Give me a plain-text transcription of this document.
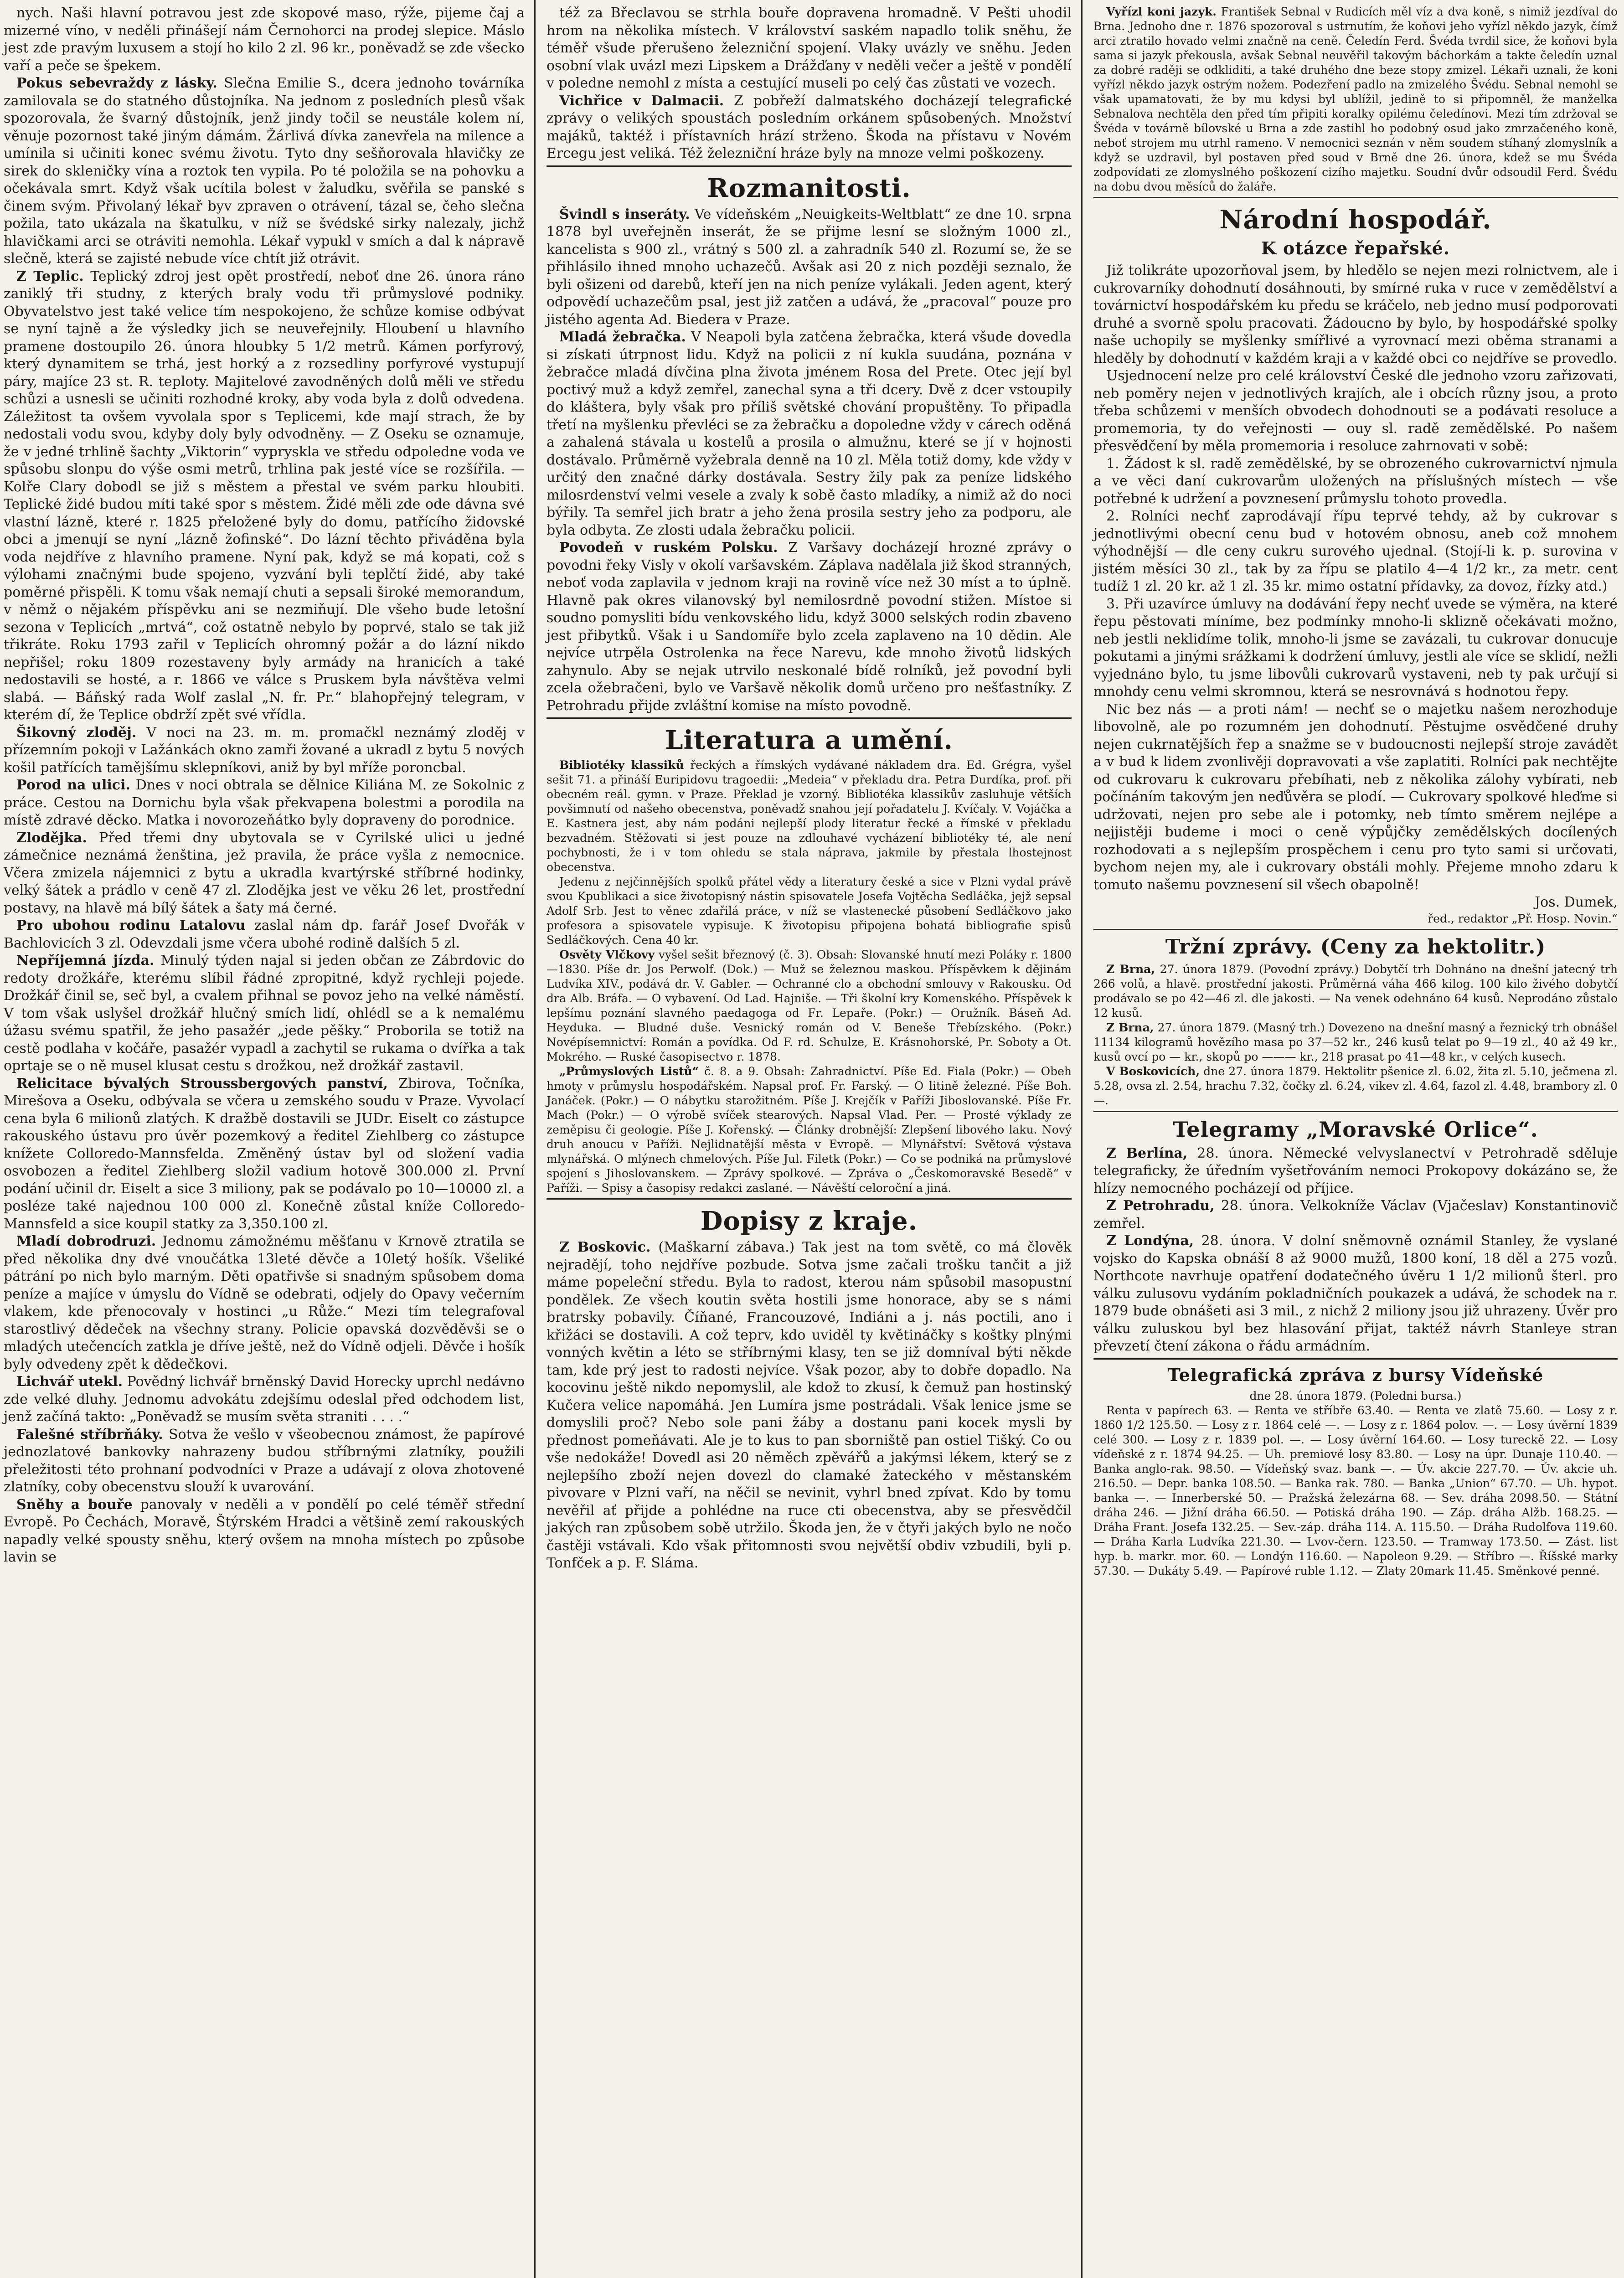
nych. Naši hlavní potravou jest zde skopové maso, rýže, pijeme čaj a mizerné víno, v neděli přinášejí nám Černohorci na prodej slepice. Máslo jest zde pravým luxusem a stojí ho kilo 2 zl. 96 kr., poněvadž se zde všecko vaří a peče se špekem.

Pokus sebevraždy z lásky. Slečna Emilie S., dcera jednoho továrníka zamilovala se do statného důstojníka. Na jednom z posledních plesů však spozorovala, že švarný důstojník, jenž jindy točil se neustále kolem ní, věnuje pozornost také jiným dámám. Žárlivá dívka zanevřela na milence a umínila si učiniti konec svému životu. Tyto dny sešňorovala hlavičky ze sirek do skleničky vína a roztok ten vypila. Po té položila se na pohovku a očekávala smrt. Když však ucítila bolest v žaludku, svěřila se panské s činem svým. Přivolaný lékař byv zpraven o otrávení, tázal se, čeho slečna požila, tato ukázala na škatulku, v níž se švédské sirky nalezaly, jichž hlavičkami arci se otráviti nemohla. Lékař vypukl v smích a dal k nápravě slečně, která se zajisté nebude více chtít již otrávit.

Z Teplic. Teplický zdroj jest opět prostředí, neboť dne 26. února ráno zaniklý tři studny, z kterých braly vodu tři průmyslové podniky. Obyvatelstvo jest také velice tím nespokojeno, že schůze komise odbývat se nyní tajně a že výsledky jich se neuveřejnily. Hloubení u hlavního pramene dostoupilo 26. února hloubky 5 1/2 metrů. Kámen porfyrový, který dynamitem se trhá, jest horký a z rozsedliny porfyrové vystupují páry, majíce 23 st. R. teploty. Majitelové zavodněných dolů měli ve středu schůzi a usnesli se učiniti rozhodné kroky, aby voda byla z dolů odvedena. Záležitost ta ovšem vyvolala spor s Teplicemi, kde mají strach, že by nedostali vodu svou, kdyby doly byly odvodněny. — Z Oseku se oznamuje, že v jedné trhlině šachty „Viktorin“ vypryskla ve středu odpoledne voda ve spůsobu slonpu do výše osmi metrů, trhlina pak jesté více se rozšířila. — Kolře Clary dobodl se již s městem a přestal ve svém parku hloubiti. Teplické židé budou míti také spor s městem. Židé měli zde ode dávna své vlastní lázně, které r. 1825 přeložené byly do domu, patřícího židovské obci a jmenují se nyní „lázně žofinské“. Do lázní těchto přiváděna byla voda nejdříve z hlavního pramene. Nyní pak, když se má kopati, což s výlohami značnými bude spojeno, vyzvání byli teplčtí židé, aby také poměrné přispěli. K tomu však nemají chuti a sepsali široké memorandum, v němž o nějakém příspěvku ani se nezmiňují. Dle všeho bude letošní sezona v Teplicích „mrtvá“, což ostatně nebylo by poprvé, stalo se tak již třikráte. Roku 1793 zařil v Teplicích ohromný požár a do lázní nikdo nepřišel; roku 1809 rozestaveny byly armády na hranicích a také nedostavili se hosté, a r. 1866 ve válce s Pruskem byla návštěva velmi slabá. — Báňský rada Wolf zaslal „N. fr. Pr.“ blahopřejný telegram, v kterém dí, že Teplice obdrží zpět své vřídla.

Šikovný zloděj. V noci na 23. m. m. promačkl neznámý zloděj v přízemním pokoji v Lažánkách okno zamři žované a ukradl z bytu 5 nových košil patřících tamějšímu sklepníkovi, aniž by byl mříže poroncbal.

Porod na ulici. Dnes v noci obtrala se dělnice Kiliána M. ze Sokolnic z práce. Cestou na Dornichu byla však překvapena bolestmi a porodila na místě zdravé děcko. Matka i novorozeňátko byly dopraveny do porodnice.

Zlodějka. Před třemi dny ubytovala se v Cyrilské ulici u jedné zámečnice neznámá ženština, jež pravila, že práce vyšla z nemocnice. Včera zmizela nájemnici z bytu a ukradla kvartýrské stříbrné hodinky, velký šátek a prádlo v ceně 47 zl. Zlodějka jest ve věku 26 let, prostřední postavy, na hlavě má bílý šátek a šaty má černé.

Pro ubohou rodinu Latalovu zaslal nám dp. farář Josef Dvořák v Bachlovicích 3 zl. Odevzdali jsme včera ubohé rodině dalších 5 zl.

Nepříjemná jízda. Minulý týden najal si jeden občan ze Zábrdovic do redoty drožkáře, kterému slíbil řádné zpropitné, když rychleji pojede. Drožkář činil se, seč byl, a cvalem přihnal se povoz jeho na velké náměstí. V tom však uslyšel drožkář hlučný smích lidí, ohlédl se a k nemalému úžasu svému spatřil, že jeho pasažér „jede pěšky.“ Proborila se totiž na cestě podlaha v kočáře, pasažér vypadl a zachytil se rukama o dvířka a tak oprtaje se o ně musel klusat cestu s drožkou, než drožkář zastavil.

Relicitace bývalých Stroussbergových panství, Zbirova, Točníka, Mirešova a Oseku, odbývala se včera u zemského soudu v Praze. Vyvolací cena byla 6 milionů zlatých. K dražbě dostavili se JUDr. Eiselt co zástupce rakouského ústavu pro úvěr pozemkový a ředitel Ziehlberg co zástupce knížete Colloredo-Mannsfelda. Změněný ústav byl od složení vadia osvobozen a ředitel Ziehlberg složil vadium hotově 300.000 zl. První podání učinil dr. Eiselt a sice 3 miliony, pak se podávalo po 10—10000 zl. a posléze také najednou 100 000 zl. Konečně zůstal kníže Colloredo-Mannsfeld a sice koupil statky za 3,350.100 zl.

Mladí dobrodruzi. Jednomu zámožnému měšťanu v Krnově ztratila se před několika dny dvé vnoučátka 13leté děvče a 10letý hošík. Všeliké pátrání po nich bylo marným. Děti opatřivše si snadným spůsobem doma peníze a majíce v úmyslu do Vídně se odebrati, odjely do Opavy večerním vlakem, kde přenocovaly v hostinci „u Růže.“ Mezi tím telegrafoval starostlivý dědeček na všechny strany. Policie opavská dozvěděvši se o mladých utečencích zatkla je dříve ještě, než do Vídně odjeli. Děvče i hošík byly odvedeny zpět k dědečkovi.

Lichvář utekl. Povědný lichvář brněnský David Horecky uprchl nedávno zde velké dluhy. Jednomu advokátu zdejšímu odeslal před odchodem list, jenž začíná takto: „Poněvadž se musím světa straniti . . . .“

Falešné stříbrňáky. Sotva že vešlo v všeobecnou známost, že papírové jednozlatové bankovky nahrazeny budou stříbrnými zlatníky, použili přeležitosti této prohnaní podvodníci v Praze a udávají z olova zhotovené zlatníky, coby obecenstvu slouží k uvarování.

Sněhy a bouře panovaly v neděli a v pondělí po celé téměř střední Evropě. Po Čechách, Moravě, Štýrském Hradci a většině zemí rakouských napadly velké spousty sněhu, který ovšem na mnoha místech po způsobe lavin se

též za Břeclavou se strhla bouře dopravena hromadně. V Pešti uhodil hrom na několika místech. V království saském napadlo tolik sněhu, že téměř všude přerušeno železniční spojení. Vlaky uvázly ve sněhu. Jeden osobní vlak uvázl mezi Lipskem a Drážďany v neděli večer a ještě v pondělí v poledne nemohl z místa a cestující museli po celý čas zůstati ve vozech.

Vichřice v Dalmacii. Z pobřeží dalmatského docházejí telegrafické zprávy o velikých spoustách posledním orkánem spůsobených. Množství majáků, taktéž i přístavních hrází strženo. Škoda na přístavu v Novém Ercegu jest veliká. Též železniční hráze byly na mnoze velmi poškozeny.

Rozmanitosti.

Švindl s inseráty. Ve vídeňském „Neuigkeits-Weltblatt“ ze dne 10. srpna 1878 byl uveřejněn inserát, že se přijme lesní se složným 1000 zl., kancelista s 900 zl., vrátný s 500 zl. a zahradník 540 zl. Rozumí se, že se přihlásilo ihned mnoho uchazečů. Avšak asi 20 z nich později seznalo, že byli ošizeni od darebů, kteří jen na nich peníze vylákali. Jeden agent, který odpovědí uchazečům psal, jest již zatčen a udává, že „pracoval“ pouze pro jistého agenta Ad. Biedera v Praze.

Mladá žebračka. V Neapoli byla zatčena žebračka, která všude dovedla si získati útrpnost lidu. Když na policii z ní kukla suudána, poznána v žebračce mladá dívčina plna života jménem Rosa del Prete. Otec její byl poctivý muž a když zemřel, zanechal syna a tři dcery. Dvě z dcer vstoupily do kláštera, byly však pro příliš světské chování propuštěny. To připadla třetí na myšlenku převléci se za žebračku a dopoledne vždy v cárech oděná a zahalená stávala u kostelů a prosila o almužnu, které se jí v hojnosti dostávalo. Průměrně vyžebrala denně na 10 zl. Měla totiž domy, kde vždy v určitý den značné dárky dostávala. Sestry žily pak za peníze lidského milosrdenství velmi vesele a zvaly k sobě často mladíky, a nimiž až do noci býřily. Ta semřel jich bratr a jeho žena prosila sestry jeho za podporu, ale byla odbyta. Ze zlosti udala žebračku policii.

Povodeň v ruském Polsku. Z Varšavy docházejí hrozné zprávy o povodni řeky Visly v okolí varšavském. Záplava nadělala již škod stranných, neboť voda zaplavila v jednom kraji na rovině více než 30 míst a to úplně. Hlavně pak okres vilanovský byl nemilosrdně povodní stižen. Místoe si soudno pomysliti bídu venkovského lidu, když 3000 selských rodin zbaveno jest přibytků. Však i u Sandomíře bylo zcela zaplaveno na 10 dědin. Ale nejvíce utrpěla Ostrolenka na řece Narevu, kde mnoho životů lidských zahynulo. Aby se nejak utrvilo neskonalé bídě rolníků, jež povodní byli zcela ožebračeni, bylo ve Varšavě několik domů určeno pro nešťastníky. Z Petrohradu přijde zvláštní komise na místo povodně.

Literatura a umění.

Bibliotéky klassiků řeckých a římských vydávané nákladem dra. Ed. Grégra, vyšel sešit 71. a přináší Euripidovu tragoedii: „Medeia“ v překladu dra. Petra Durdíka, prof. při obecném reál. gymn. v Praze. Překlad je vzorný. Bibliotéka klassikův zasluhuje větších povšimnutí od našeho obecenstva, poněvadž snahou její pořadatelu J. Kvíčaly. V. Vojáčka a E. Kastnera jest, aby nám podáni nejlepší plody literatur řecké a římské v překladu bezvadném. Stěžovati si jest pouze na zdlouhavé vycházení bibliotéky té, ale není pochybnosti, že i v tom ohledu se stala náprava, jakmile by přestala lhostejnost obecenstva.

Jedenu z nejčinnějších spolků přátel vědy a literatury české a sice v Plzni vydal právě svou Kpublikaci a sice životopisný nástin spisovatele Josefa Vojtěcha Sedláčka, jejž sepsal Adolf Srb. Jest to věnec zdařilá práce, v níž se vlastenecké působení Sedláčkovo jako profesora a spisovatele vypisuje. K životopisu připojena bohatá bibliografie spisů Sedláčkových. Cena 40 kr.

Osvěty Vlčkovy vyšel sešit březnový (č. 3). Obsah: Slovanské hnutí mezi Poláky r. 1800—1830. Píše dr. Jos Perwolf. (Dok.) — Muž se železnou maskou. Příspěvkem k dějinám Ludvíka XIV., podává dr. V. Gabler. — Ochranné clo a obchodní smlouvy v Rakousku. Od dra Alb. Bráfa. — O vybavení. Od Lad. Hajniše. — Tři školní kry Komenského. Příspěvek k lepšímu poznání slavného paedagoga od Fr. Lepaře. (Pokr.) — Oružník. Báseň Ad. Heyduka. — Bludné duše. Vesnický román od V. Beneše Třebízského. (Pokr.) Novépísemnictví: Román a povídka. Od F. rd. Schulze, E. Krásnohorské, Pr. Soboty a Ot. Mokrého. — Ruské časopisectvo r. 1878.

„Průmyslových Listů“ č. 8. a 9. Obsah: Zahradnictví. Píše Ed. Fiala (Pokr.) — Obeh hmoty v průmyslu hospodářském. Napsal prof. Fr. Farský. — O litině železné. Píše Boh. Janáček. (Pokr.) — O nábytku starožitném. Píše J. Krejčík v Paříži Jiboslovanské. Píše Fr. Mach (Pokr.) — O výrobě svíček stearových. Napsal Vlad. Per. — Prosté výklady ze zeměpisu či geologie. Píše J. Kořenský. — Články drobnější: Zlepšení libového laku. Nový druh anoucu v Paříži. Nejlidnatější města v Evropě. — Mlynářství: Světová výstava mlynářská. O mlýnech chmelových. Píše Jul. Filetk (Pokr.) — Co se podniká na průmyslové spojení s Jihoslovanskem. — Zprávy spolkové. — Zpráva o „Českomoravské Besedě“ v Paříži. — Spisy a časopisy redakci zaslané. — Návěští celoroční a jiná.

Dopisy z kraje.

Z Boskovic. (Maškarní zábava.) Tak jest na tom světě, co má člověk nejradějí, toho nejdříve pozbude. Sotva jsme začali trošku tančit a již máme popeleční středu. Byla to radost, kterou nám spůsobil masopustní pondělek. Ze všech koutin světa hostili jsme honorace, aby se s námi bratrsky pobavily. Číňané, Francouzové, Indiáni a j. nás poctili, ano i křižáci se dostavili. A což teprv, kdo uviděl ty květináčky s koštky plnými vonných květin a léto se stříbrnými klasy, ten se již domníval býti někde tam, kde prý jest to radosti nejvíce. Však pozor, aby to dobře dopadlo. Na kocovinu ještě nikdo nepomyslil, ale kdož to zkusí, k čemuž pan hostinský Kučera velice napomáhá. Jen Lumíra jsme postrádali. Však lenice jsme se domyslili proč? Nebo sole pani žáby a dostanu pani kocek mysli by přednost pomeňávati. Ale je to kus to pan sborniště pan ostiel Tišký. Co ou vše nedokáže! Dovedl asi 20 něměch zpěvářů a jakýmsi lékem, který se z nejlepšího zboží nejen dovezl do clamaké žateckého v městanském pivovare v Plzni vaří, na něčil se nevinit, vyhrl bned zpívat. Kdo by tomu nevěřil ať přijde a pohlédne na ruce cti obecenstva, aby se přesvědčil jakých ran způsobem sobě utržilo. Škoda jen, že v čtyři jakých bylo ne nočo častěji vstávali. Kdo však přitomnosti svou největší obdiv vzbudili, byli p. Tonfček a p. F. Sláma.

Vyřízl koni jazyk. František Sebnal v Rudicích měl víz a dva koně, s nimiž jezdíval do Brna. Jednoho dne r. 1876 spozoroval s ustrnutím, že koňovi jeho vyřízl někdo jazyk, čímž arci ztratilo hovado velmi značně na ceně. Čeledín Ferd. Švéda tvrdil sice, že koňovi byla sama si jazyk překousla, avšak Sebnal neuvěřil takovým báchorkám a takte čeledín uznal za dobré raději se odkliditi, a také druhého dne beze stopy zmizel. Lékaři uznali, že koni vyřízl někdo jazyk ostrým nožem. Podezření padlo na zmizelého Švédu. Sebnal nemohl se však upamatovati, že by mu kdysi byl ublížil, jedině to si připomněl, že manželka Sebnalova nechtěla den před tím připiti koralky opilému čeledínovi. Mezi tím zdržoval se Švéda v továrně bílovské u Brna a zde zastihl ho podobný osud jako zmrzačeného koně, neboť strojem mu utrhl rameno. V nemocnici seznán v něm soudem stíhaný zlomyslník a když se uzdravil, byl postaven před soud v Brně dne 26. února, kdež se mu Švéda zodpovídati ze zlomyslného poškození cizího majetku. Soudní dvůr odsoudil Ferd. Švédu na dobu dvou měsíců do žaláře.

Národní hospodář.
K otázce řepařské.

Již tolikráte upozorňoval jsem, by hledělo se nejen mezi rolnictvem, ale i cukrovarníky dohodnutí dosáhnouti, by smírné ruka v ruce v zemědělství a továrnictví hospodářském ku předu se kráčelo, neb jedno musí podporovati druhé a svorně spolu pracovati. Žádoucno by bylo, by hospodářské spolky naše uchopily se myšlenky smířlivé a vyrovnací mezi oběma stranami a hleděly by dohodnutí v každém kraji a v každé obci co nejdříve se provedlo.

Usjednocení nelze pro celé království České dle jednoho vzoru zařizovati, neb poměry nejen v jednotlivých krajích, ale i obcích různy jsou, a proto třeba schůzemi v menších obvodech dohodnouti se a podávati resoluce a promemoria, ty do veřejnosti — ouy sl. radě zemědělské. Po našem přesvědčení by měla promemoria i resoluce zahrnovati v sobě:

1. Žádost k sl. radě zemědělské, by se obrozeného cukrovarnictví njmula a ve věci daní cukrovarům uložených na příslušných místech — vše potřebné k udržení a povznesení průmyslu tohoto provedla.

2. Rolníci nechť zaprodávají řípu teprvé tehdy, až by cukrovar s jednotlivými obecní cenu bud v hotovém obnosu, aneb což mnohem výhodnější — dle ceny cukru surového ujednal. (Stojí-li k. p. surovina v jistém měsíci 30 zl., tak by za řípu se platilo 4—4 1/2 kr., za metr. cent tudíž 1 zl. 20 kr. až 1 zl. 35 kr. mimo ostatní přídavky, za dovoz, řízky atd.)

3. Při uzavírce úmluvy na dodávání řepy nechť uvede se výměra, na které řepu pěstovati míníme, bez podmínky mnoho-li sklizně očekávati možno, neb jestli neklidíme tolik, mnoho-li jsme se zavázali, tu cukrovar donucuje pokutami a jinými srážkami k dodržení úmluvy, jestli ale více se sklidí, nežli vyjednáno bylo, tu jsme libovůli cukrovarů vystaveni, neb ty pak určují si mnohdy cenu velmi skromnou, která se nesrovnává s hodnotou řepy.

Nic bez nás — a proti nám! — nechť se o majetku našem nerozhoduje libovolně, ale po rozumném jen dohodnutí. Pěstujme osvědčené druhy nejen cukrnatějších řep a snažme se v budoucnosti nejlepší stroje zavádět a v bud k lidem zvonlivěji dopravovati a vše zaplatiti. Rolníci pak nechtějte od cukrovaru k cukrovaru přebíhati, neb z několika zálohy vybírati, neb počínáním takovým jen neďůvěra se plodí. — Cukrovary spolkové hleďme si udržovati, nejen pro sebe ale i potomky, neb tímto směrem nejlépe a nejjistěji budeme i moci o ceně výpůjčky zemědělských docílených rozhodovati a s nejlepším prospěchem i cenu pro tyto sami si určovati, bychom nejen my, ale i cukrovary obstáli mohly. Přejeme mnoho zdaru k tomuto našemu povznesení sil všech obapolně!

Jos. Dumek,

řed., redaktor „Př. Hosp. Novin.“

Tržní zprávy. (Ceny za hektolitr.)

Z Brna, 27. února 1879. (Povodní zprávy.) Dobytčí trh Dohnáno na dnešní jatecný trh 266 volů, a hlavě. prostřední jakosti. Průměrná váha 466 kilog. 100 kilo živého dobytčí prodávalo se po 42—46 zl. dle jakosti. — Na venek odehnáno 64 kusů. Neprodáno zůstalo 12 kusů.

Z Brna, 27. února 1879. (Masný trh.) Dovezeno na dnešní masný a řeznický trh obnášel 11134 kilogramů hovězího masa po 37—52 kr., 246 kusů telat po 9—19 zl., 40 až 49 kr., kusů ovcí po — kr., skopů po ——— kr., 218 prasat po 41—48 kr., v celých kusech.

V Boskovicích, dne 27. února 1879. Hektolitr pšenice zl. 6.02, žita zl. 5.10, ječmena zl. 5.28, ovsa zl. 2.54, hrachu 7.32, čočky zl. 6.24, vikev zl. 4.64, fazol zl. 4.48, brambory zl. 0—.

Telegramy „Moravské Orlice“.

Z Berlína, 28. února. Německé velvyslanectví v Petrohradě sděluje telegraficky, že úředním vyšetřováním nemoci Prokopovy dokázáno se, že hlízy nemocného pocházejí od příjice.

Z Petrohradu, 28. února. Velkokníže Václav (Vjačeslav) Konstantinovič zemřel.

Z Londýna, 28. února. V dolní sněmovně oznámil Stanley, že vyslané vojsko do Kapska obnáší 8 až 9000 mužů, 1800 koní, 18 děl a 275 vozů. Northcote navrhuje opatření dodatečného úvěru 1 1/2 milionů šterl. pro válku zulusovu vydáním pokladničních poukazek a udává, že schodek na r. 1879 bude obnášeti asi 3 mil., z nichž 2 miliony jsou již uhrazeny. Úvěr pro válku zuluskou byl bez hlasování přijat, taktéž návrh Stanleye stran převzetí čtení zákona o řádu armádním.

Telegrafická zpráva z bursy Vídeňské

dne 28. února 1879. (Poledni bursa.)

Renta v papírech 63. — Renta ve stříbře 63.40. — Renta ve zlatě 75.60. — Losy z r. 1860 1/2 125.50. — Losy z r. 1864 celé —. — Losy z r. 1864 polov. —. — Losy úvěrní 1839 celé 300. — Losy z r. 1839 pol. —. — Losy úvěrní 164.60. — Losy tureckě 22. — Losy vídeňské z r. 1874 94.25. — Uh. premiové losy 83.80. — Losy na úpr. Dunaje 110.40. — Banka anglo-rak. 98.50. — Vídeňský svaz. bank —. — Úv. akcie 227.70. — Úv. akcie uh. 216.50. — Depr. banka 108.50. — Banka rak. 780. — Banka „Union“ 67.70. — Uh. hypot. banka —. — Innerberské 50. — Pražská železárna 68. — Sev. dráha 2098.50. — Státní dráha 246. — Jižní dráha 66.50. — Potiská dráha 190. — Záp. dráha Alžb. 168.25. — Dráha Frant. Josefa 132.25. — Sev.-záp. dráha 114. A. 115.50. — Dráha Rudolfova 119.60. — Dráha Karla Ludvíka 221.30. — Lvov-čern. 123.50. — Tramway 173.50. — Zást. list hyp. b. markr. mor. 60. — Londýn 116.60. — Napoleon 9.29. — Stříbro —. Říšské marky 57.30. — Dukáty 5.49. — Papírové ruble 1.12. — Zlaty 20mark 11.45. Směnkové penné.
